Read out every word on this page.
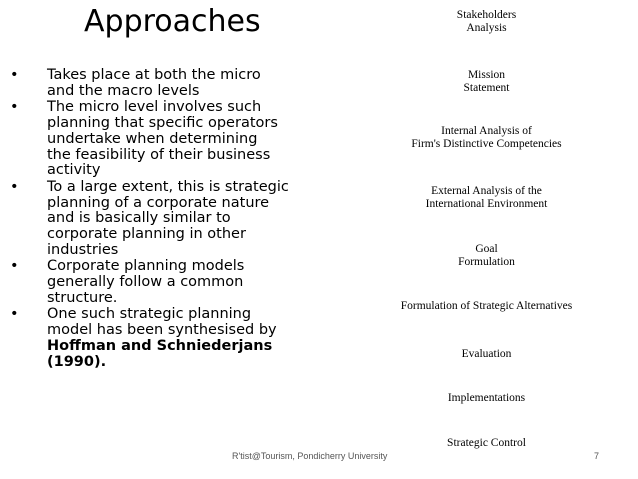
Approaches
• Takes place at both the micro
and the macro levels
• The micro level involves such
planning that specific operators
undertake when determining
the feasibility of their business
activity
• To a large extent, this is strategic
planning of a corporate nature
and is basically similar to
corporate planning in other
industries
• Corporate planning models
generally follow a common
structure.
• One such strategic planning
model has been synthesised by
Hoffman and Schniederjans
(1990).
Stakeholders
Analysis
Mission
Statement
Internal Analysis of
Firm's Distinctive Competencies
External Analysis of the
International Environment
Goal
Formulation
Formulation of Strategic Alternatives
Evaluation
Implementations
Strategic Control
R'tist@Tourism, Pondicherry University	7
